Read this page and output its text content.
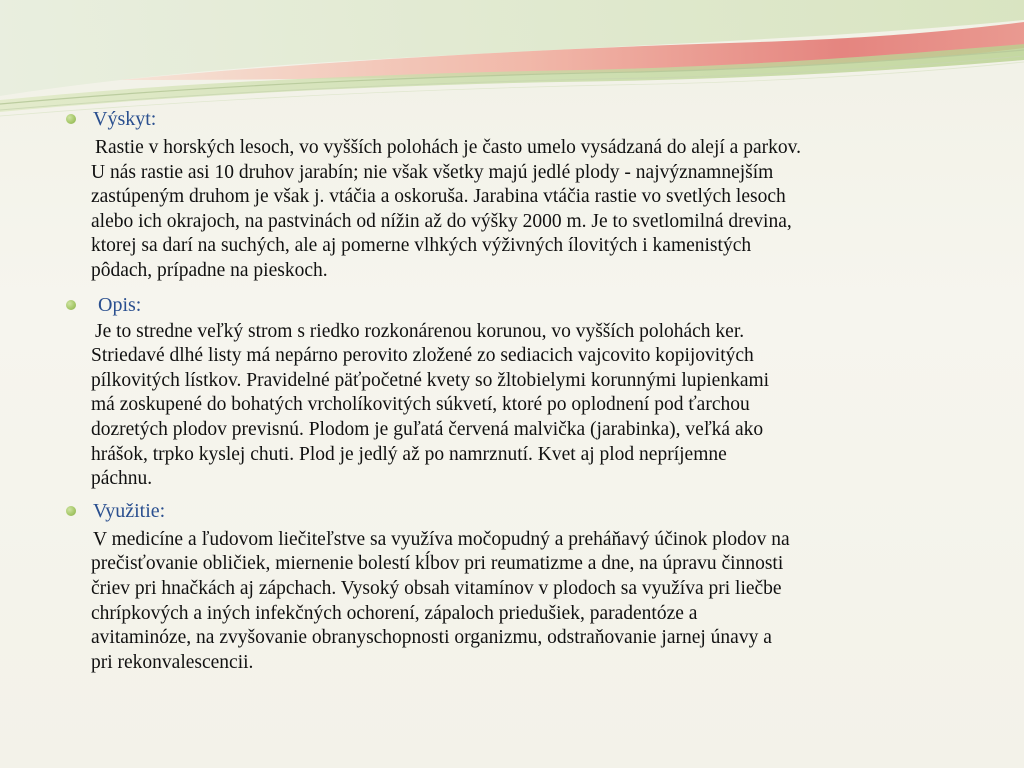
Výskyt:

Rastie v horských lesoch, vo vyšších polohách je často umelo vysádzaná do alejí a parkov.

U nás rastie asi 10 druhov jarabín; nie však všetky majú jedlé plody - najvýznamnejším

zastúpeným druhom je však j. vtáčia a oskoruša. Jarabina vtáčia rastie vo svetlých lesoch

alebo ich okrajoch, na pastvinách od nížin až do výšky 2000 m. Je to svetlomilná drevina,

ktorej sa darí na suchých, ale aj pomerne vlhkých výživných ílovitých i kamenistých

pôdach, prípadne na pieskoch.

Opis:

Je to stredne veľký strom s riedko rozkonárenou korunou, vo vyšších polohách ker.

Striedavé dlhé listy má nepárno perovito zložené zo sediacich vajcovito kopijovitých

pílkovitých lístkov. Pravidelné päťpočetné kvety so žltobielymi korunnými lupienkami

má zoskupené do bohatých vrcholíkovitých súkvetí, ktoré po oplodnení pod ťarchou

dozretých plodov previsnú. Plodom je guľatá červená malvička (jarabinka), veľká ako

hrášok, trpko kyslej chuti. Plod je jedlý až po namrznutí. Kvet aj plod nepríjemne

páchnu.

Využitie:

V medicíne a ľudovom liečiteľstve sa využíva močopudný a preháňavý účinok plodov na

prečisťovanie obličiek, miernenie bolestí kĺbov pri reumatizme a dne, na úpravu činnosti

čriev pri hnačkách aj zápchach. Vysoký obsah vitamínov v plodoch sa využíva pri liečbe

chrípkových a iných infekčných ochorení, zápaloch priedušiek, paradentóze a

avitaminóze, na zvyšovanie obranyschopnosti organizmu, odstraňovanie jarnej únavy a

pri rekonvalescencii.
